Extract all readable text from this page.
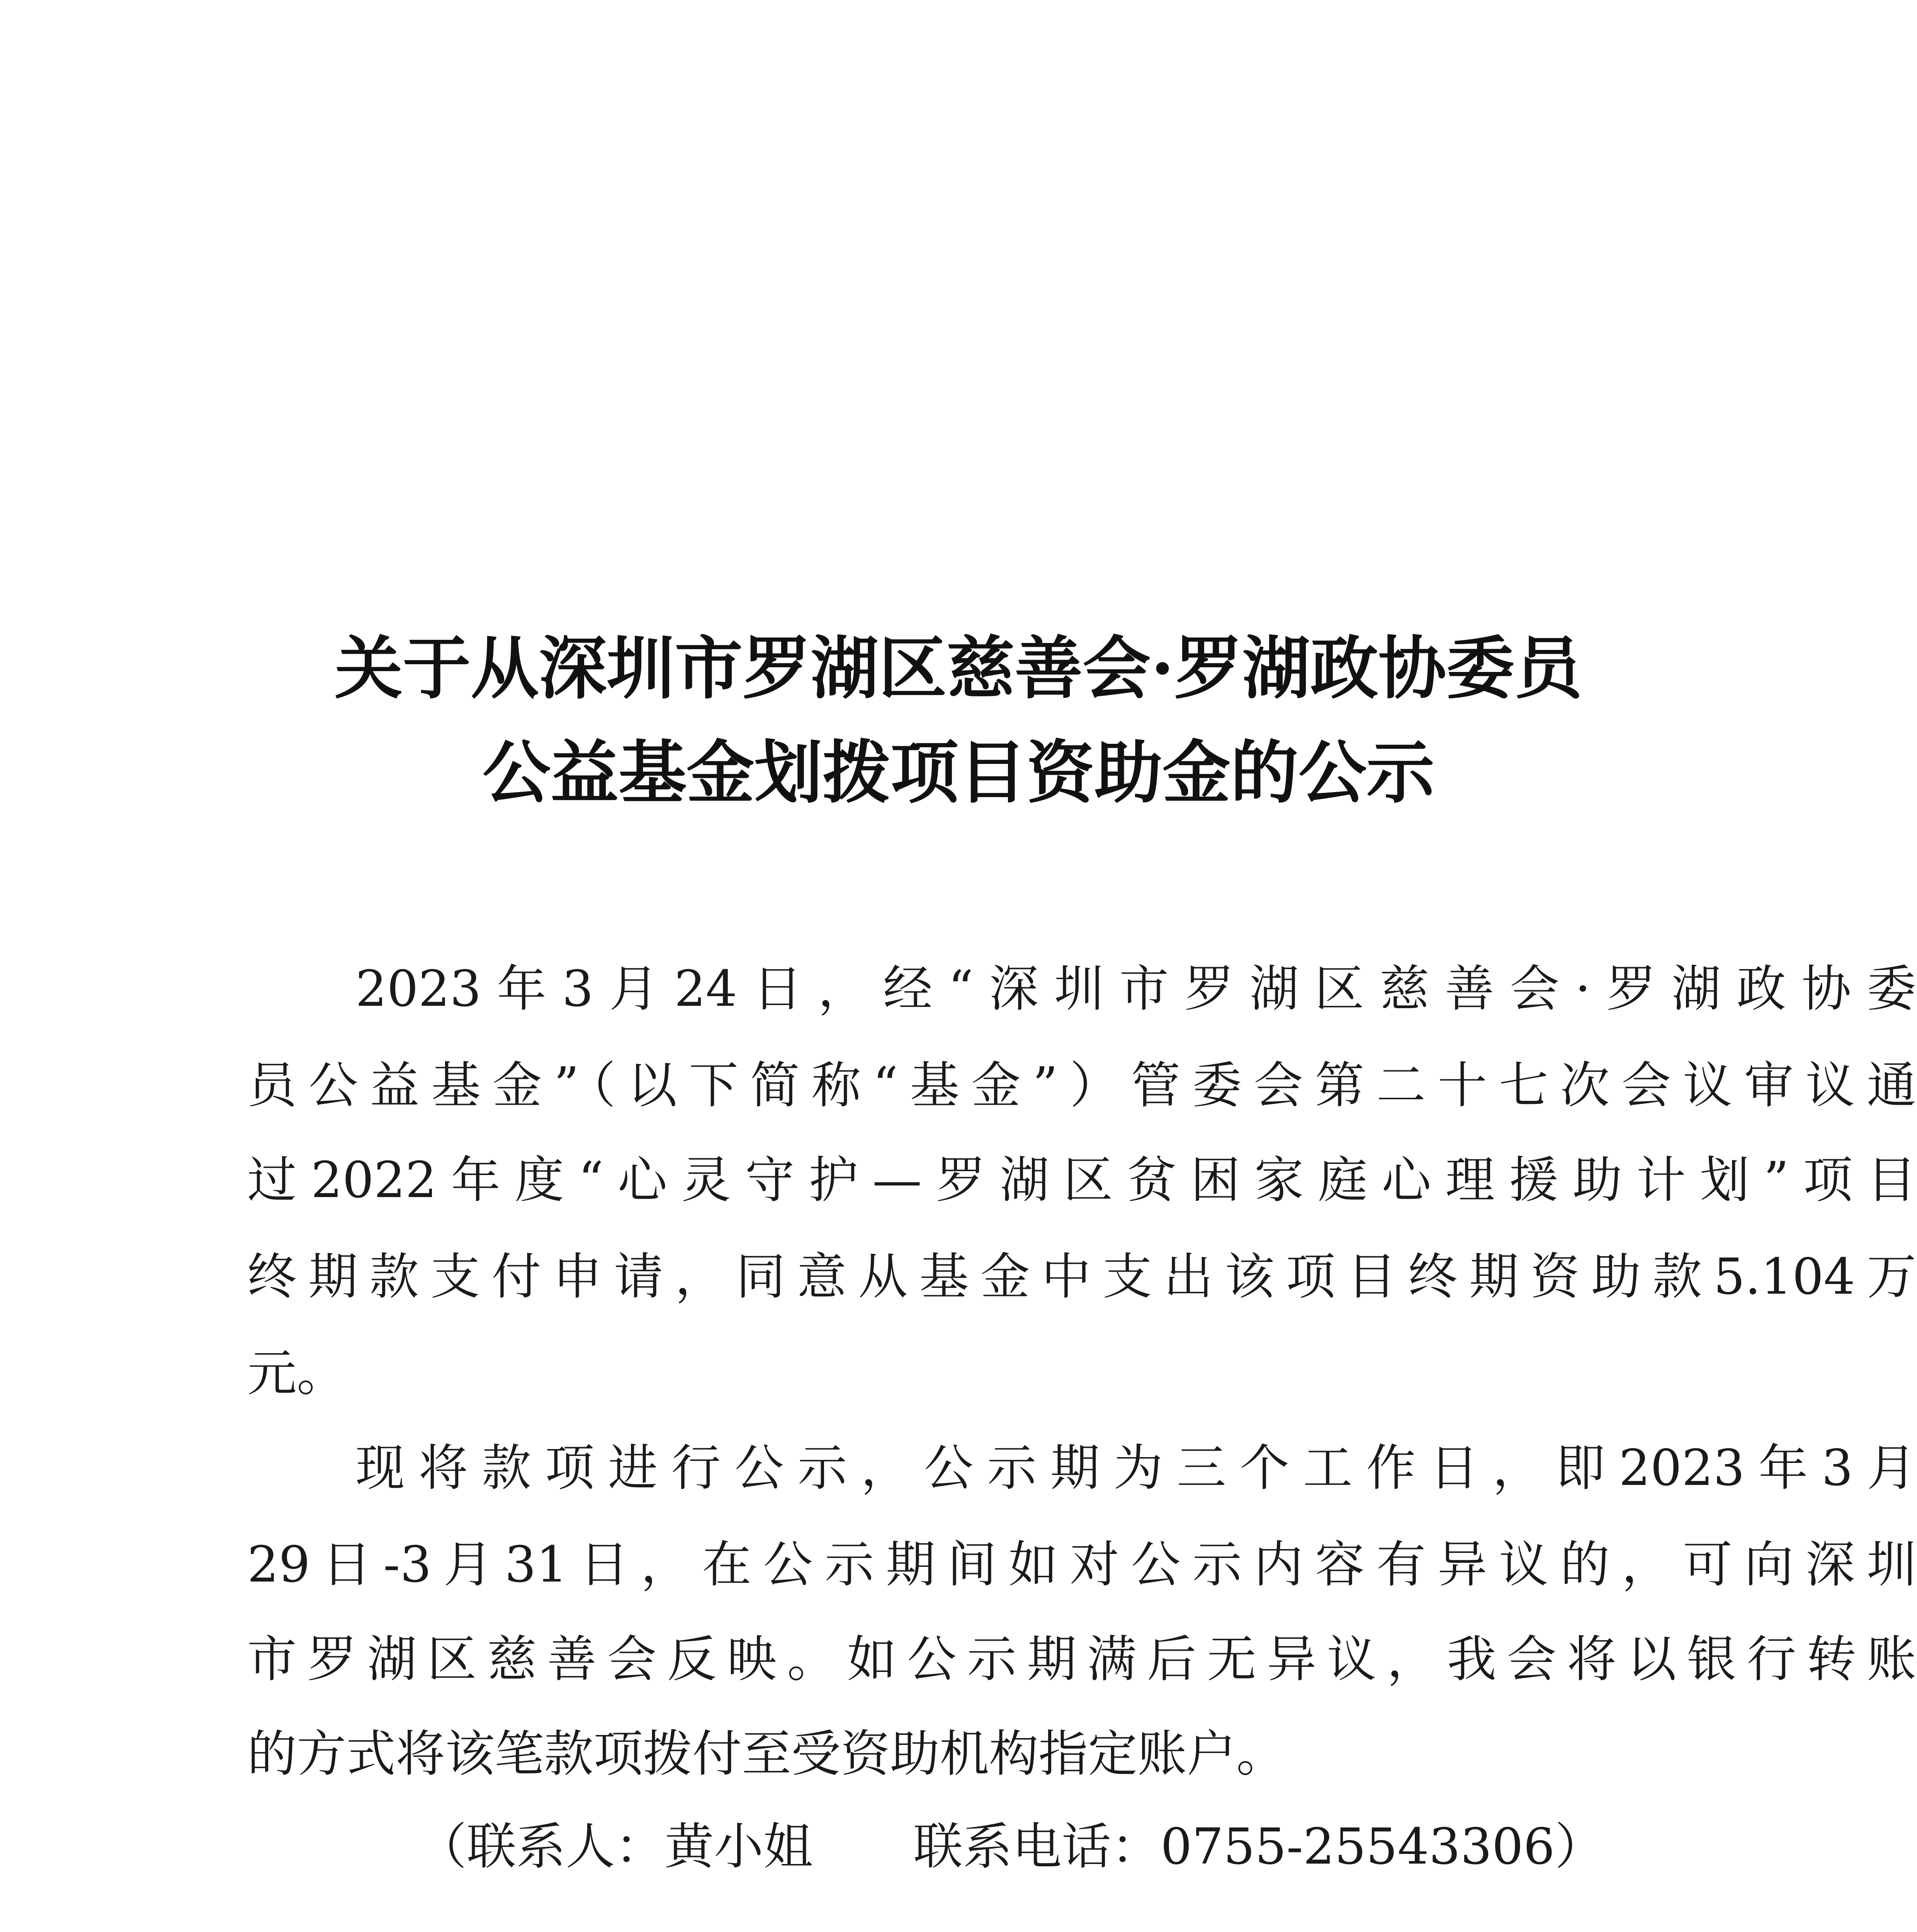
关于从深圳市罗湖区慈善会·罗湖政协委员
公益基金划拨项目资助金的公示
2023年3月24日，经“深圳市罗湖区慈善会·罗湖政协委
员公益基金”（以下简称“基金”）管委会第二十七次会议审议通
过2022年度“心灵守护—罗湖区贫困家庭心理援助计划”项目
终期款支付申请，同意从基金中支出该项目终期资助款5.104万
元。
现将款项进行公示，公示期为三个工作日，即2023年3月
29日-3月31日，在公示期间如对公示内容有异议的，可向深圳
市罗湖区慈善会反映。如公示期满后无异议，我会将以银行转账
的方式将该笔款项拨付至受资助机构指定账户。
（联系人：黄小姐 联系电话：0755-25543306）
